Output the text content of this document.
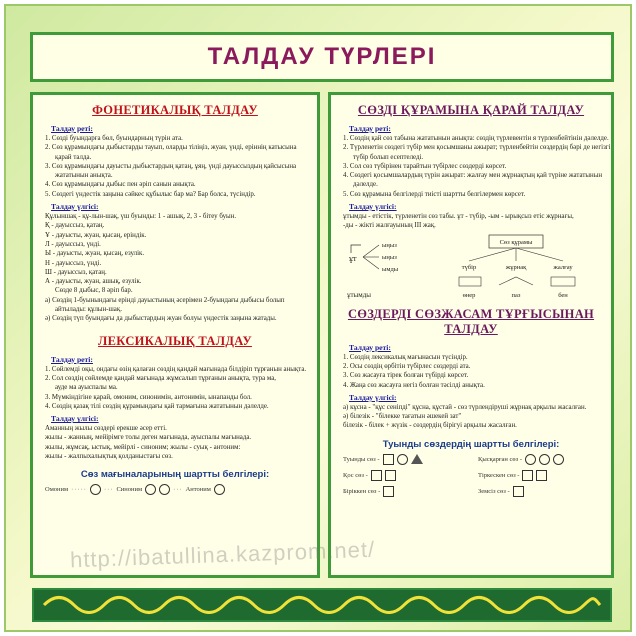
ТАЛДАУ ТҮРЛЕРІ
ФОНЕТИКАЛЫҚ ТАЛДАУ
Талдау реті:
1. Сөзді буындарға бөл, буындарның түрін ата.
2. Сөз құрамындағы дыбыстарды тауып, оларды тіліңіз, жуан, үнді, еріннің катысына
қарай талда.
3. Сөз құрамындағы дауысты дыбыстардың қатаң, ұяң, үнді дауыссыздың қайсысына
жататынын анықта.
4. Сөз құрамындағы дыбыс пен әріп санын анықта.
5. Сөздегі үндестік заңына сәйкес құбылыс бар ма? Бар болса, түсіндір.
Талдау үлгісі:
Құлыншақ - құ-лын-шақ, үш буынды: 1 - ашық, 2, 3 - бітеу буын.
Қ - дауыссыз, қатаң.
Ұ - дауысты, жуан, қысаң, еріндік.
Л - дауыссыз, үнді.
Ы - дауысты, жуан, қысаң, езулік.
Н - дауыссыз, үнді.
Ш - дауыссыз, қатаң.
А - дауысты, жуан, ашық, езулік.
Сөзде 8 дыбыс, 8 әріп бар.
а) Сөздің 1-буынындағы еріндi дауыстының әсерімен 2-буындағы дыбысы болып
айтылады: құлын-шақ.
ә) Сөздің түп буындағы да дыбыстардың жуан болуы үндестік заңына жатады.
ЛЕКСИКАЛЫҚ ТАЛДАУ
Талдау реті:
1. Сөйлемді оқы, ондағы өзің қалаған сөздің қандай мағынада білдіріп тұрғанын анықта.
2. Сол сөздің сөйлемде қандай мағынада жұмсалып тұрғанын анықта, тура ма,
ауде ма ауыспалы ма.
3. Мүмкіндігіне қарай, омоним, синонимін, антонимін, ынапанды бол.
4. Сөздің қазақ тілі сөздің құрамындағы қай тармағына жататынын дәлелде.
Талдау үлгісі:
Аманның жылы сөздері ерекше әсер етті.
жылы - жанның, мейірімге толы деген мағынада, ауыспалы мағынада.
жылы, жұмсақ, ыстық, мейірлі - синоним; жылы - суық - антоним:
жылы - жалпыхалықтық қолданыстағы сөз.
Сөз мағыналарының шартты белгілері:
Омоним ·····	··· Синоним	··· Антоним
СӨЗДІ ҚҰРАМЫНА ҚАРАЙ ТАЛДАУ
Талдау реті:
1. Сөздің қай сөз табына жататынын анықта: сөздің түрлевентін я түрленбейтінін дәлелде.
2. Түрленетін сөздегі түбір мен қосымшаны ажырат; түрленбейтін сөздердің бәрі де негізгі
түбір болып есептеледі.
3. Сол сөз түбірінен тарайтын түбірлес сөздерді көрсет.
4. Сөздегі қосымшалардың түрін ажырат: жалғау мен жұрнақтың қай түріне жататынын
дәлелде.
5. Сөз құрамына белгілерді тиісті шартты белгілермен көрсет.
Талдау үлгісі:
ұтымды - етістік, түрленетін сөз табы. ұт - түбір, -ым - ырықсыз етіс жұрнағы,
-ды - жікті жалғауының III жақ.
ұт
ыңыз
ыңыз
ымды
ұтымды
Сөз құрамы
түбір	жұрнақ	жалғау
өнер	паз	бен
СӨЗДЕРДІ СӨЗЖАСАМ ТҰРҒЫСЫНАН ТАЛДАУ
Талдау реті:
1. Сөздің лексикалық мағынасын түсіндір.
2. Осы сөздің өрбітін түбірлес сөздерді ата.
3. Сөз жасауға тірек болған түбірді көрсет.
4. Жаңа сөз жасауға негіз болған тәсілді анықта.
Талдау үлгісі:
а) кұсна - "құс сеніпді" құсна, құстай - сөз түрлендіруші жұрнақ арқылы жасалған.
ә) білезік - "білекке тағатын әшекей зат"
білезік - білек + жүзік - сөздердің бірігуі арқылы жасалған.
Туынды сөздердің шартты белгілері:
Туынды сөз -	Қысқарған сөз -
Қос сөз -	Тіркескен сөз -
Біріккен сөз -	Земсіз сөз -
http://ibatullina.kazprom.net/
